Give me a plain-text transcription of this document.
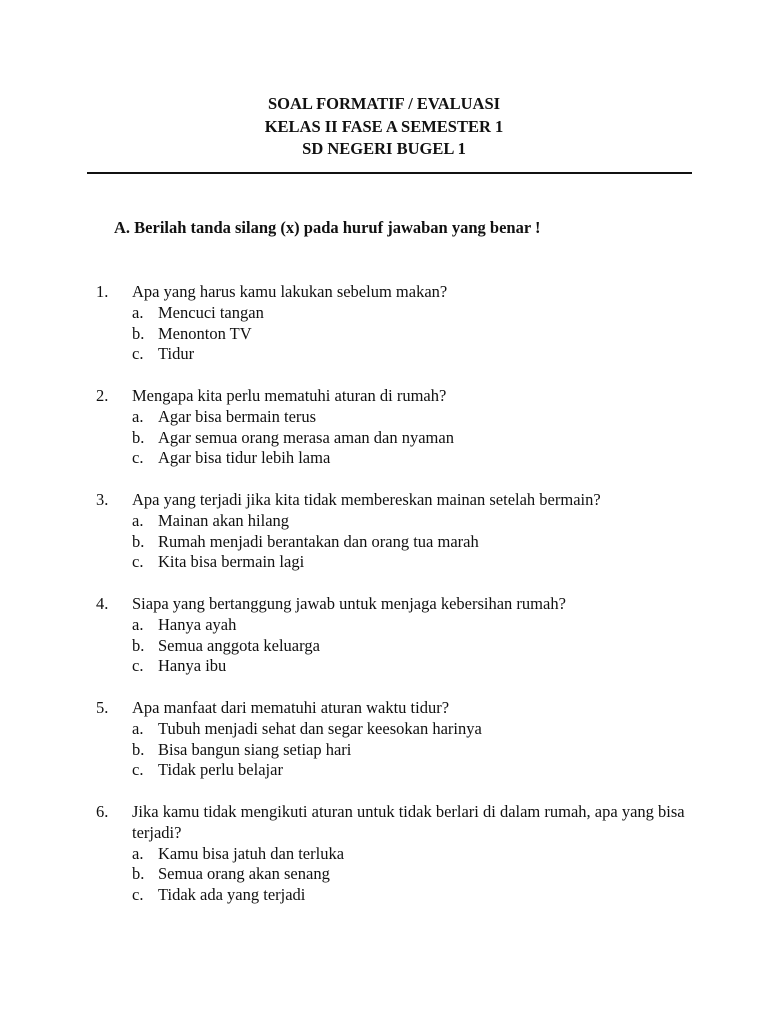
SOAL FORMATIF / EVALUASI
KELAS II FASE A SEMESTER 1
SD NEGERI BUGEL 1
A. Berilah tanda silang (x) pada huruf jawaban yang benar !
1. Apa yang harus kamu lakukan sebelum makan?
a. Mencuci tangan
b. Menonton TV
c. Tidur
2. Mengapa kita perlu mematuhi aturan di rumah?
a. Agar bisa bermain terus
b. Agar semua orang merasa aman dan nyaman
c. Agar bisa tidur lebih lama
3. Apa yang terjadi jika kita tidak membereskan mainan setelah bermain?
a. Mainan akan hilang
b. Rumah menjadi berantakan dan orang tua marah
c. Kita bisa bermain lagi
4. Siapa yang bertanggung jawab untuk menjaga kebersihan rumah?
a. Hanya ayah
b. Semua anggota keluarga
c. Hanya ibu
5. Apa manfaat dari mematuhi aturan waktu tidur?
a. Tubuh menjadi sehat dan segar keesokan harinya
b. Bisa bangun siang setiap hari
c. Tidak perlu belajar
6. Jika kamu tidak mengikuti aturan untuk tidak berlari di dalam rumah, apa yang bisa terjadi?
a. Kamu bisa jatuh dan terluka
b. Semua orang akan senang
c. Tidak ada yang terjadi
